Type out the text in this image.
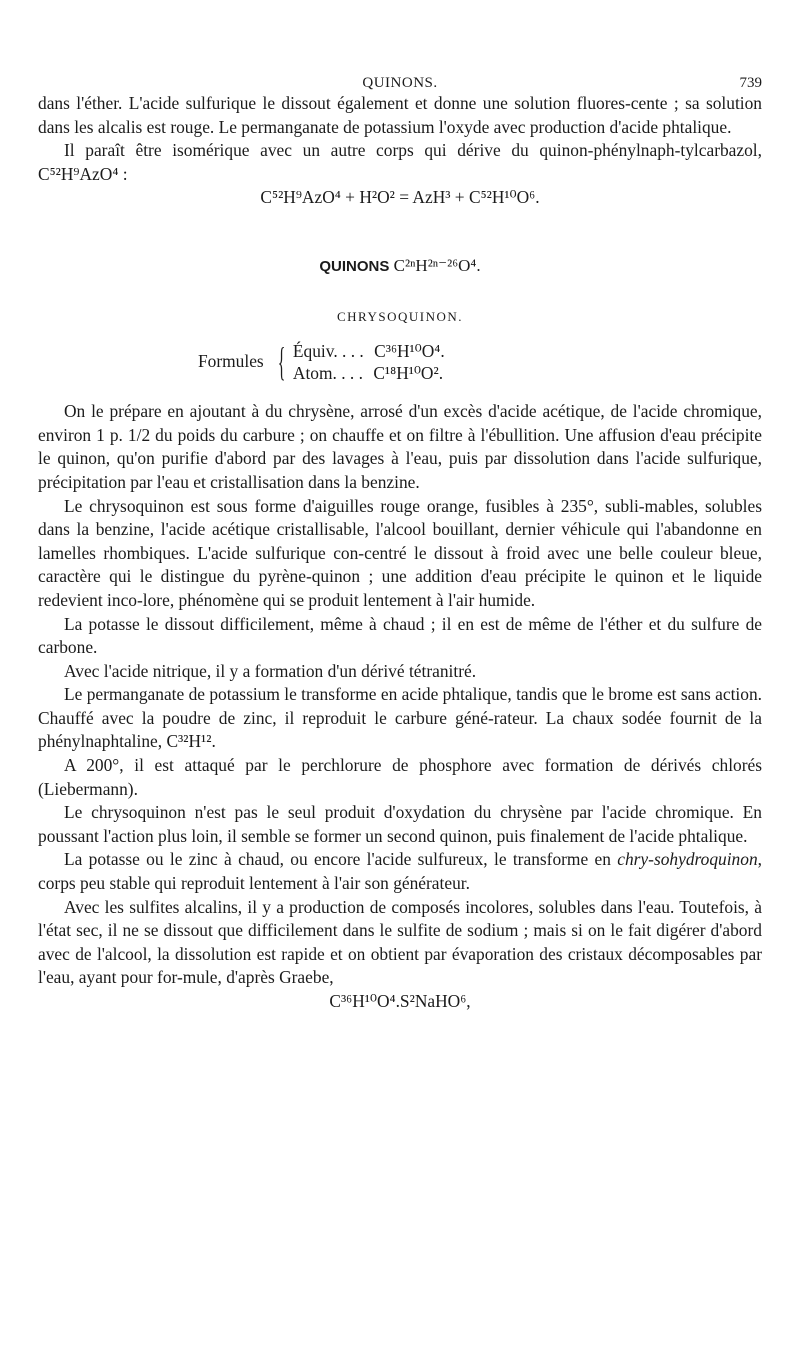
QUINONS.	739

dans l'éther. L'acide sulfurique le dissout également et donne une solution fluores-cente ; sa solution dans les alcalis est rouge. Le permanganate de potassium l'oxyde avec production d'acide phtalique.

Il paraît être isomérique avec un autre corps qui dérive du quinon-phénylnaph-tylcarbazol, C⁵²H⁹AzO⁴ :

C⁵²H⁹AzO⁴ + H²O² = AzH³ + C⁵²H¹⁰O⁶.

QUINONS C²ⁿH²ⁿ⁻²⁶O⁴.
CHRYSOQUINON.
Formules { Équiv. . . . C³⁶H¹⁰O⁴.
Atom. . . . C¹⁸H¹⁰O².

On le prépare en ajoutant à du chrysène, arrosé d'un excès d'acide acétique, de l'acide chromique, environ 1 p. 1/2 du poids du carbure ; on chauffe et on filtre à l'ébullition. Une affusion d'eau précipite le quinon, qu'on purifie d'abord par des lavages à l'eau, puis par dissolution dans l'acide sulfurique, précipitation par l'eau et cristallisation dans la benzine.

Le chrysoquinon est sous forme d'aiguilles rouge orange, fusibles à 235°, subli-mables, solubles dans la benzine, l'acide acétique cristallisable, l'alcool bouillant, dernier véhicule qui l'abandonne en lamelles rhombiques. L'acide sulfurique con-centré le dissout à froid avec une belle couleur bleue, caractère qui le distingue du pyrène-quinon ; une addition d'eau précipite le quinon et le liquide redevient inco-lore, phénomène qui se produit lentement à l'air humide.

La potasse le dissout difficilement, même à chaud ; il en est de même de l'éther et du sulfure de carbone.

Avec l'acide nitrique, il y a formation d'un dérivé tétranitré.

Le permanganate de potassium le transforme en acide phtalique, tandis que le brome est sans action. Chauffé avec la poudre de zinc, il reproduit le carbure géné-rateur. La chaux sodée fournit de la phénylnaphtaline, C³²H¹².

A 200°, il est attaqué par le perchlorure de phosphore avec formation de dérivés chlorés (Liebermann).

Le chrysoquinon n'est pas le seul produit d'oxydation du chrysène par l'acide chromique. En poussant l'action plus loin, il semble se former un second quinon, puis finalement de l'acide phtalique.

La potasse ou le zinc à chaud, ou encore l'acide sulfureux, le transforme en chry-sohydroquinon, corps peu stable qui reproduit lentement à l'air son générateur.

Avec les sulfites alcalins, il y a production de composés incolores, solubles dans l'eau. Toutefois, à l'état sec, il ne se dissout que difficilement dans le sulfite de sodium ; mais si on le fait digérer d'abord avec de l'alcool, la dissolution est rapide et on obtient par évaporation des cristaux décomposables par l'eau, ayant pour for-mule, d'après Graebe,

C³⁶H¹⁰O⁴.S²NaHO⁶,
